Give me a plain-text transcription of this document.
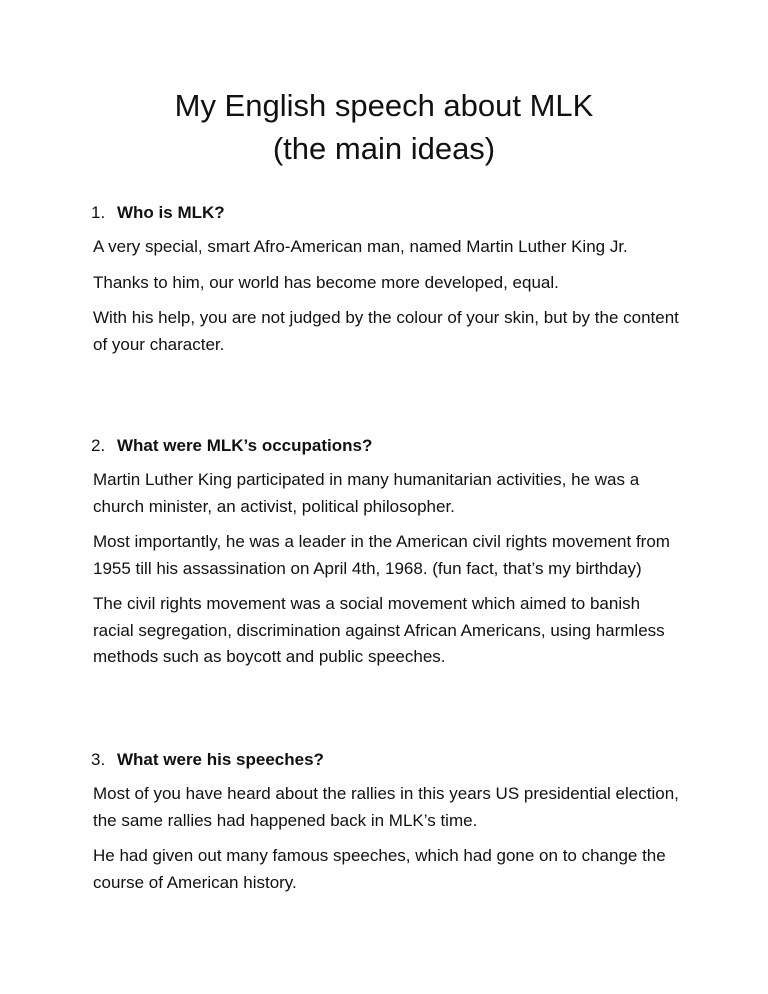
My English speech about MLK
(the main ideas)
1. Who is MLK?

A very special, smart Afro-American man, named Martin Luther King Jr.

Thanks to him, our world has become more developed, equal.

With his help, you are not judged by the colour of your skin, but by the content of your character.

2. What were MLK’s occupations?

Martin Luther King participated in many humanitarian activities, he was a church minister, an activist, political philosopher.

Most importantly, he was a leader in the American civil rights movement from 1955 till his assassination on April 4th, 1968. (fun fact, that’s my birthday)

The civil rights movement was a social movement which aimed to banish racial segregation, discrimination against African Americans, using harmless methods such as boycott and public speeches.

3. What were his speeches?

Most of you have heard about the rallies in this years US presidential election, the same rallies had happened back in MLK’s time.

He had given out many famous speeches, which had gone on to change the course of American history.
